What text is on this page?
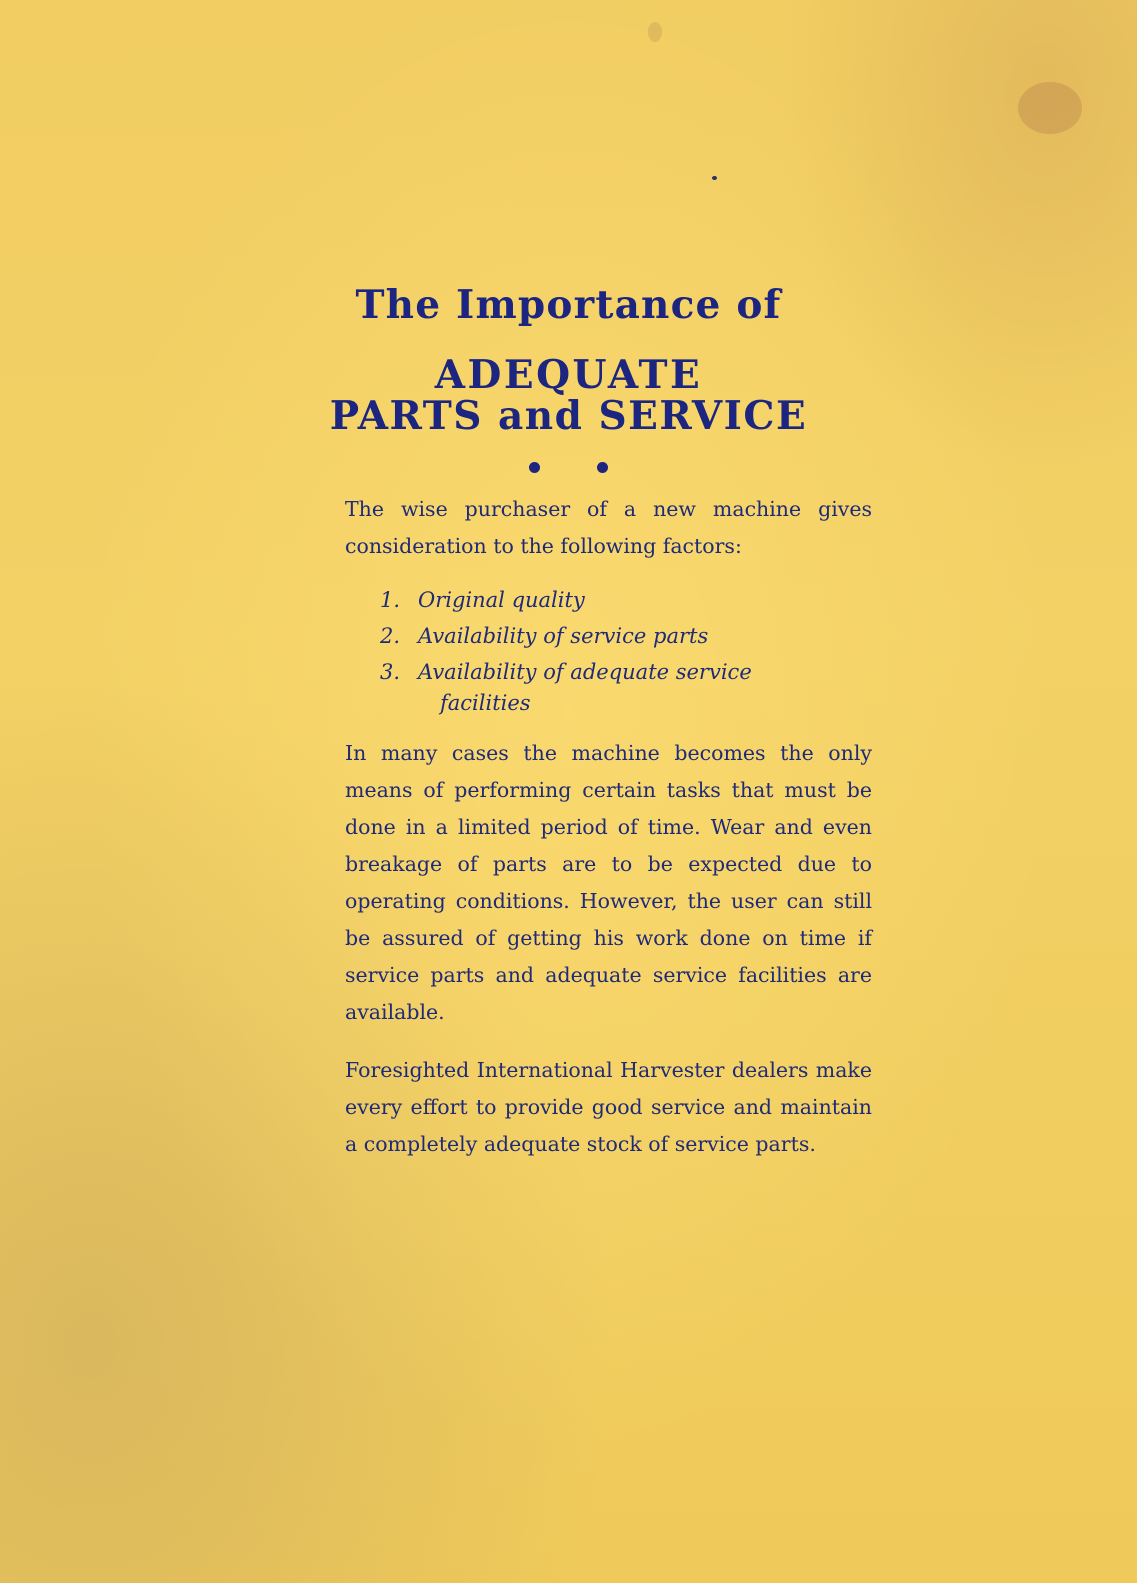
The Importance of
ADEQUATE
PARTS and SERVICE

The wise purchaser of a new machine gives consideration to the following factors:
1. Original quality
2. Availability of service parts
3. Availability of adequate service
facilities
In many cases the machine becomes the only means of performing certain tasks that must be done in a limited period of time. Wear and even breakage of parts are to be expected due to operating conditions. However, the user can still be assured of getting his work done on time if service parts and adequate service facilities are available.
Foresighted International Harvester dealers make every effort to provide good service and maintain a completely adequate stock of service parts.
